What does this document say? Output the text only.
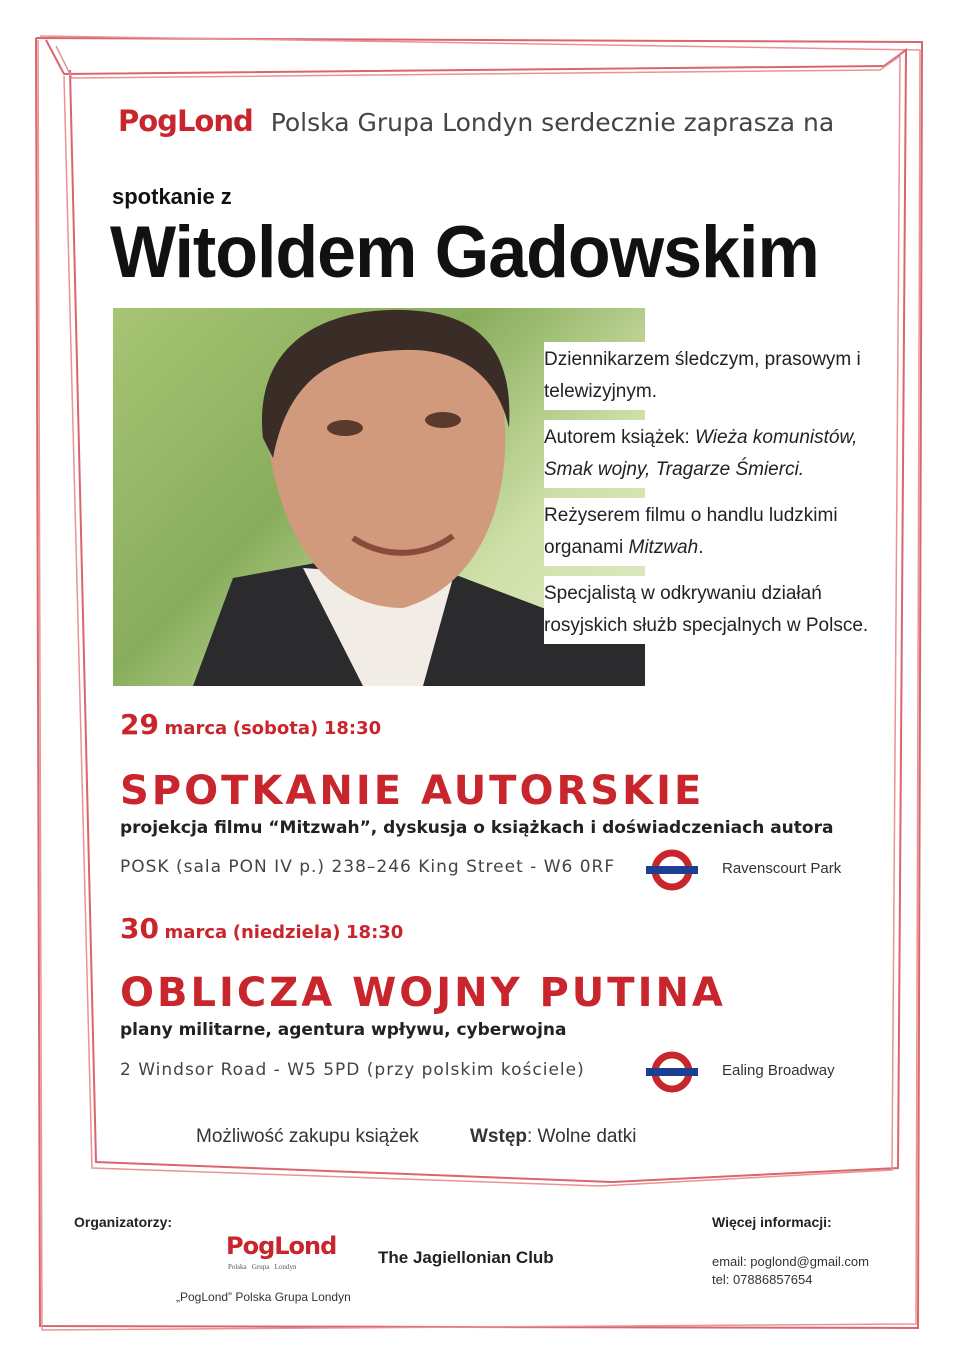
PogLond Polska Grupa Londyn serdecznie zaprasza na
spotkanie z
Witoldem Gadowskim

Dziennikarzem śledczym, prasowym i telewizyjnym.

Autorem książek: Wieża komunistów, Smak wojny, Tragarze Śmierci.

Reżyserem filmu o handlu ludzkimi organami Mitzwah.

Specjalistą w odkrywaniu działań rosyjskich służb specjalnych w Polsce.

29 marca (sobota) 18:30
SPOTKANIE AUTORSKIE
projekcja filmu “Mitzwah”, dyskusja o książkach i doświadczeniach autora
POSK (sala PON IV p.) 238–246 King Street - W6 0RF	Ravenscourt Park
30 marca (niedziela) 18:30
OBLICZA WOJNY PUTINA
plany militarne, agentura wpływu, cyberwojna
2 Windsor Road - W5 5PD (przy polskim kościele)	Ealing Broadway
Możliwość zakupu książek	Wstęp: Wolne datki
Organizatorzy:
PogLond
Polska   Grupa   Londyn
„PogLond” Polska Grupa Londyn
The Jagiellonian Club
Więcej informacji:
email: poglond@gmail.com
tel: 07886857654
